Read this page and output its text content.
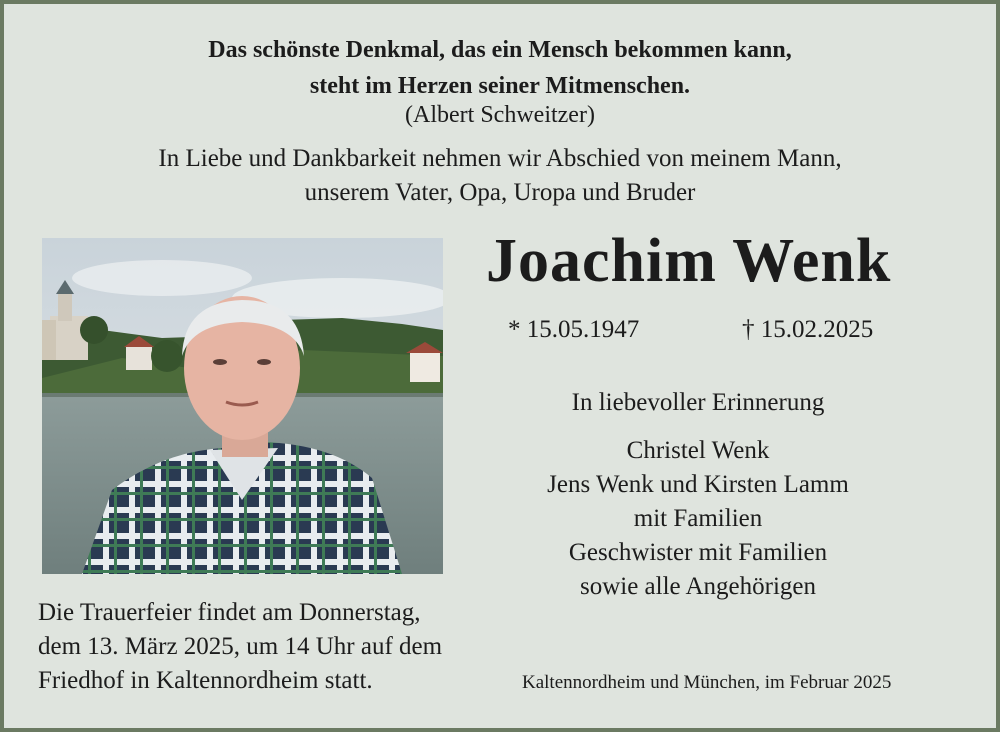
Das schönste Denkmal, das ein Mensch bekommen kann,
steht im Herzen seiner Mitmenschen.
(Albert Schweitzer)
In Liebe und Dankbarkeit nehmen wir Abschied von meinem Mann,
unserem Vater, Opa, Uropa und Bruder
Joachim Wenk
* 15.05.1947	† 15.02.2025
In liebevoller Erinnerung
Christel Wenk
Jens Wenk und Kirsten Lamm
mit Familien
Geschwister mit Familien
sowie alle Angehörigen
Die Trauerfeier findet am Donnerstag,
dem 13. März 2025, um 14 Uhr auf dem
Friedhof in Kaltennordheim statt.	Kaltennordheim und München, im Februar 2025
